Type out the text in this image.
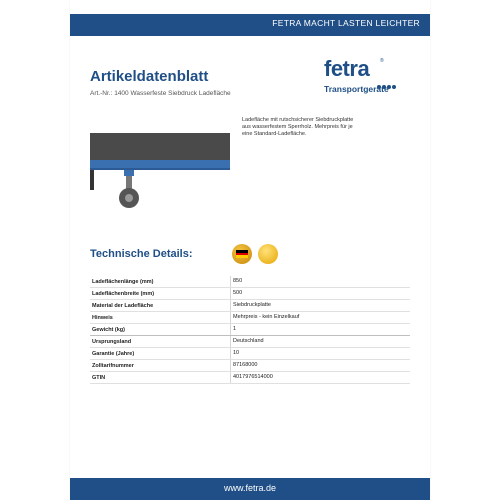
FETRA MACHT LASTEN LEICHTER
Artikeldatenblatt
Art.-Nr.: 1400 Wasserfeste Siebdruck Ladefläche
fetra ®
Transportgeräte
Ladefläche mit rutschsicherer Siebdruckplatte aus wasserfestem Sperrholz. Mehrpreis für je eine Standard-Ladefläche.
Technische Details:
Ladeflächenlänge (mm)	850
Ladeflächenbreite (mm)	500
Material der Ladefläche	Siebdruckplatte
Hinweis	Mehrpreis - kein Einzelkauf
Gewicht (kg)	1
Ursprungsland	Deutschland
Garantie (Jahre)	10
Zolltarifnummer	87168000
GTIN	4017976514000
www.fetra.de
